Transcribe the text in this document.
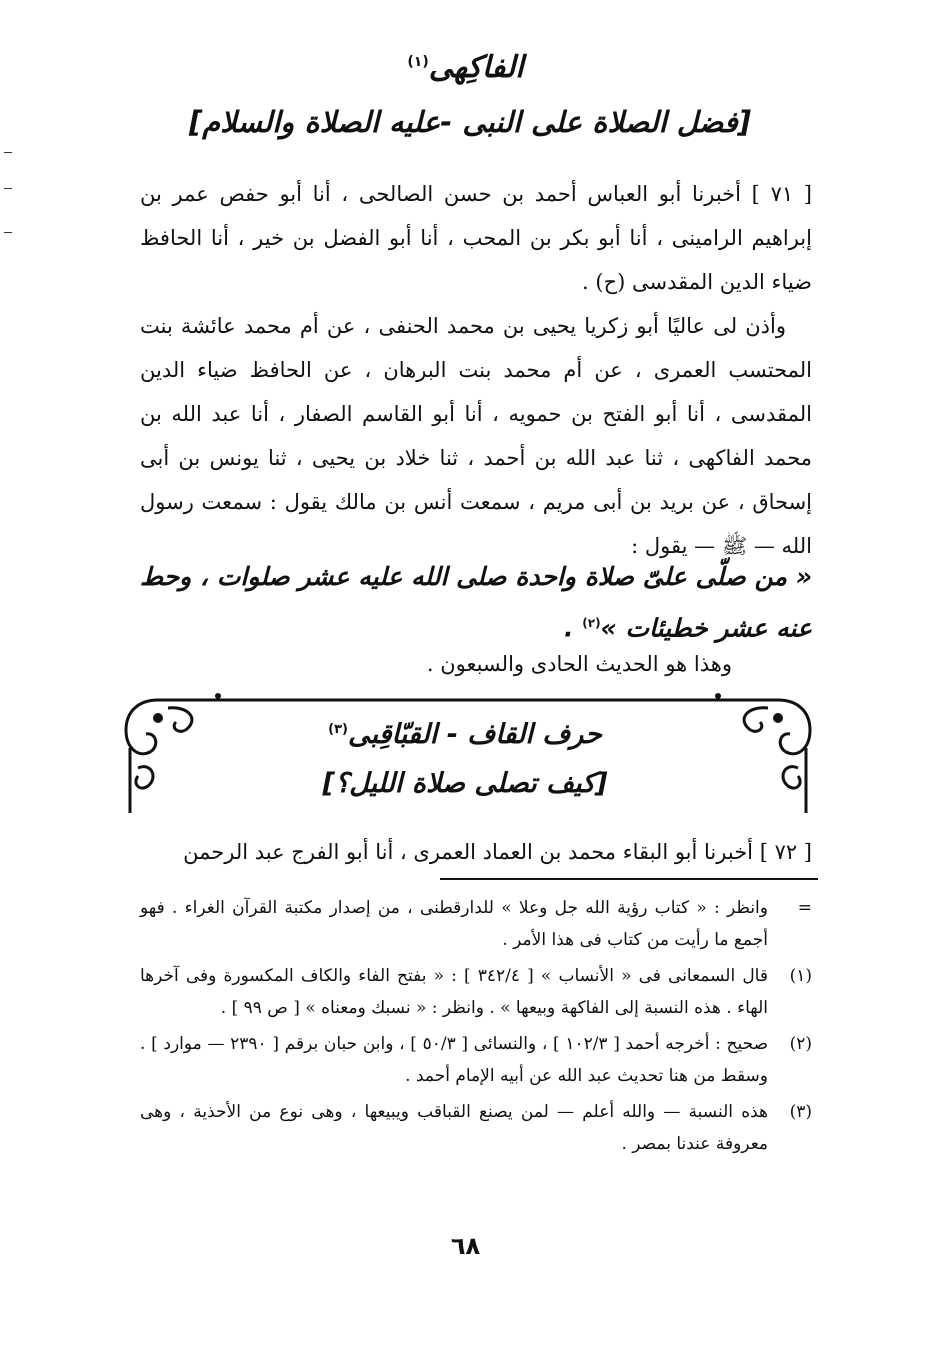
الفاكِهى$^{(١)}$
[فضل الصلاة على النبى -عليه الصلاة والسلام]

[ ٧١ ] أخبرنا أبو العباس أحمد بن حسن الصالحى ، أنا أبو حفص عمر بن إبراهيم الرامينى ، أنا أبو بكر بن المحب ، أنا أبو الفضل بن خير ، أنا الحافظ ضياء الدين المقدسى (ح) .

وأذن لى عاليًا أبو زكريا يحيى بن محمد الحنفى ، عن أم محمد عائشة بنت المحتسب العمرى ، عن أم محمد بنت البرهان ، عن الحافظ ضياء الدين المقدسى ، أنا أبو الفتح بن حمويه ، أنا أبو القاسم الصفار ، أنا عبد الله بن محمد الفاكهى ، ثنا عبد الله بن أحمد ، ثنا خلاد بن يحيى ، ثنا يونس بن أبى إسحاق ، عن بريد بن أبى مريم ، سمعت أنس بن مالك يقول : سمعت رسول الله — ﷺ — يقول :

« من صلّى علىّ صلاة واحدة صلى الله عليه عشر صلوات ، وحط عنه عشر خطيئات »$^{(٢)}$ .
وهذا هو الحديث الحادى والسبعون .
حرف القاف - القبّاقِبى$^{(٣)}$
[كيف تصلى صلاة الليل؟]
[ ٧٢ ] أخبرنا أبو البقاء محمد بن العماد العمرى ، أنا أبو الفرج عبد الرحمن
=
وانظر : « كتاب رؤية الله جل وعلا » للدارقطنى ، من إصدار مكتبة القرآن الغراء . فهو أجمع ما رأيت من كتاب فى هذا الأمر .
(١)
قال السمعانى فى « الأنساب » [ ٣٤٢/٤ ] : « بفتح الفاء والكاف المكسورة وفى آخرها الهاء . هذه النسبة إلى الفاكهة وبيعها » . وانظر : « نسبك ومعناه » [ ص ٩٩ ] .
(٢)
صحيح : أخرجه أحمد [ ١٠٢/٣ ] ، والنسائى [ ٥٠/٣ ] ، وابن حبان برقم [ ٢٣٩٠ — موارد ] . وسقط من هنا تحديث عبد الله عن أبيه الإمام أحمد .
(٣)
هذه النسبة — والله أعلم — لمن يصنع القباقب ويبيعها ، وهى نوع من الأحذية ، وهى معروفة عندنا بمصر .
٦٨
